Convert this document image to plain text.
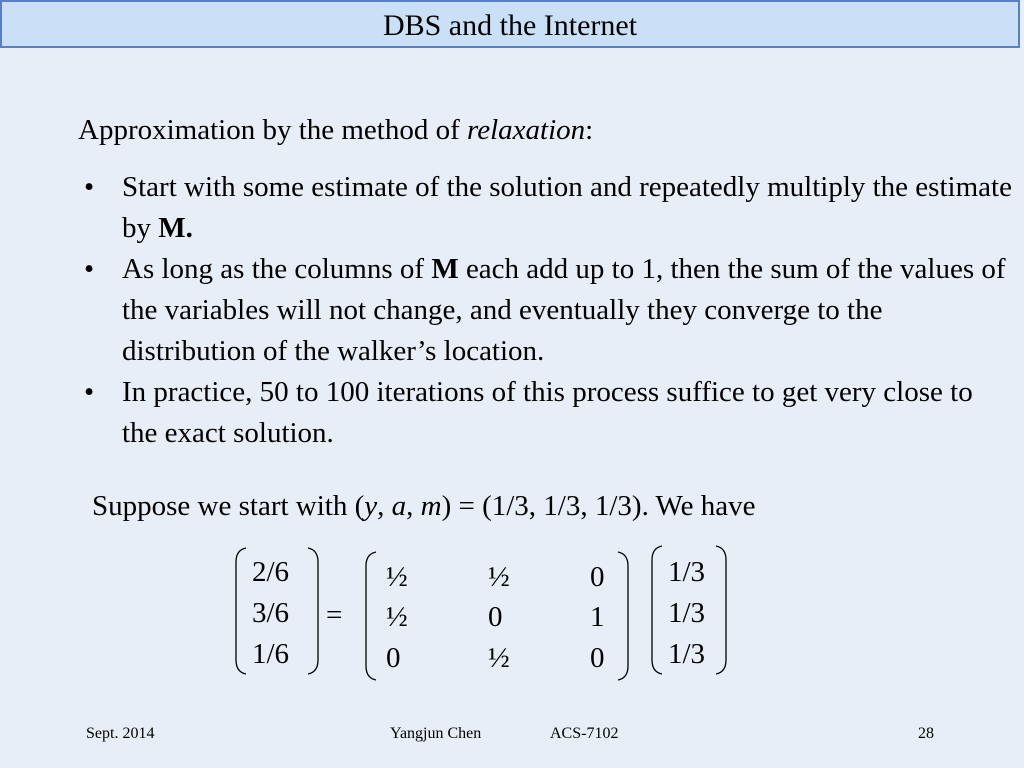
DBS and the Internet
Approximation by the method of relaxation:
• Start with some estimate of the solution and repeatedly multiply the estimate by M.
• As long as the columns of M each add up to 1, then the sum of the values of the variables will not change, and eventually they converge to the distribution of the walker’s location.
• In practice, 50 to 100 iterations of this process suffice to get very close to the exact solution.
Suppose we start with (y, a, m) = (1/3, 1/3, 1/3). We have
2/6
3/6
1/6
=
½	½	0
½	0	1
0	½	0
1/3
1/3
1/3
Sept. 2014	Yangjun Chen	ACS-7102	28
